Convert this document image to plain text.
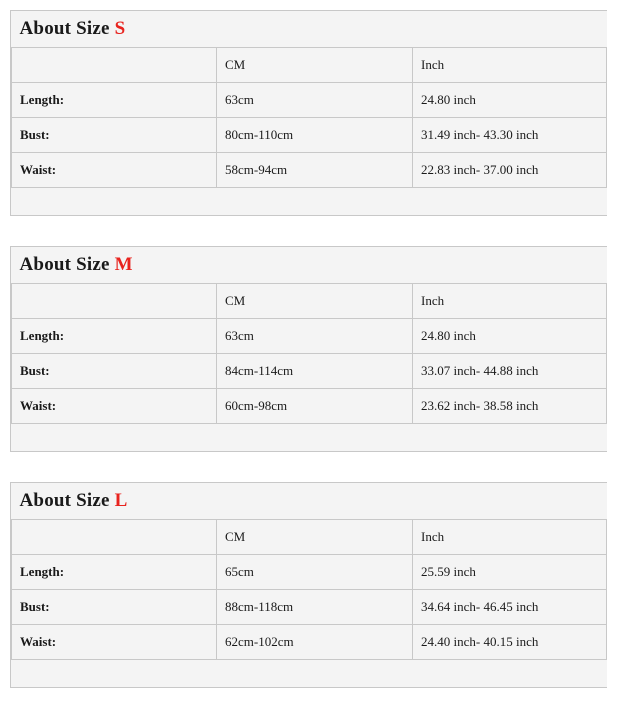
About Size S		
	CM	Inch
Length:	63cm	24.80 inch
Bust:	80cm-110cm	31.49 inch- 43.30 inch
Waist:	58cm-94cm	22.83 inch- 37.00 inch

About Size M		
	CM	Inch
Length:	63cm	24.80 inch
Bust:	84cm-114cm	33.07 inch- 44.88 inch
Waist:	60cm-98cm	23.62 inch- 38.58 inch

About Size L		
	CM	Inch
Length:	65cm	25.59 inch
Bust:	88cm-118cm	34.64 inch- 46.45 inch
Waist:	62cm-102cm	24.40 inch- 40.15 inch
